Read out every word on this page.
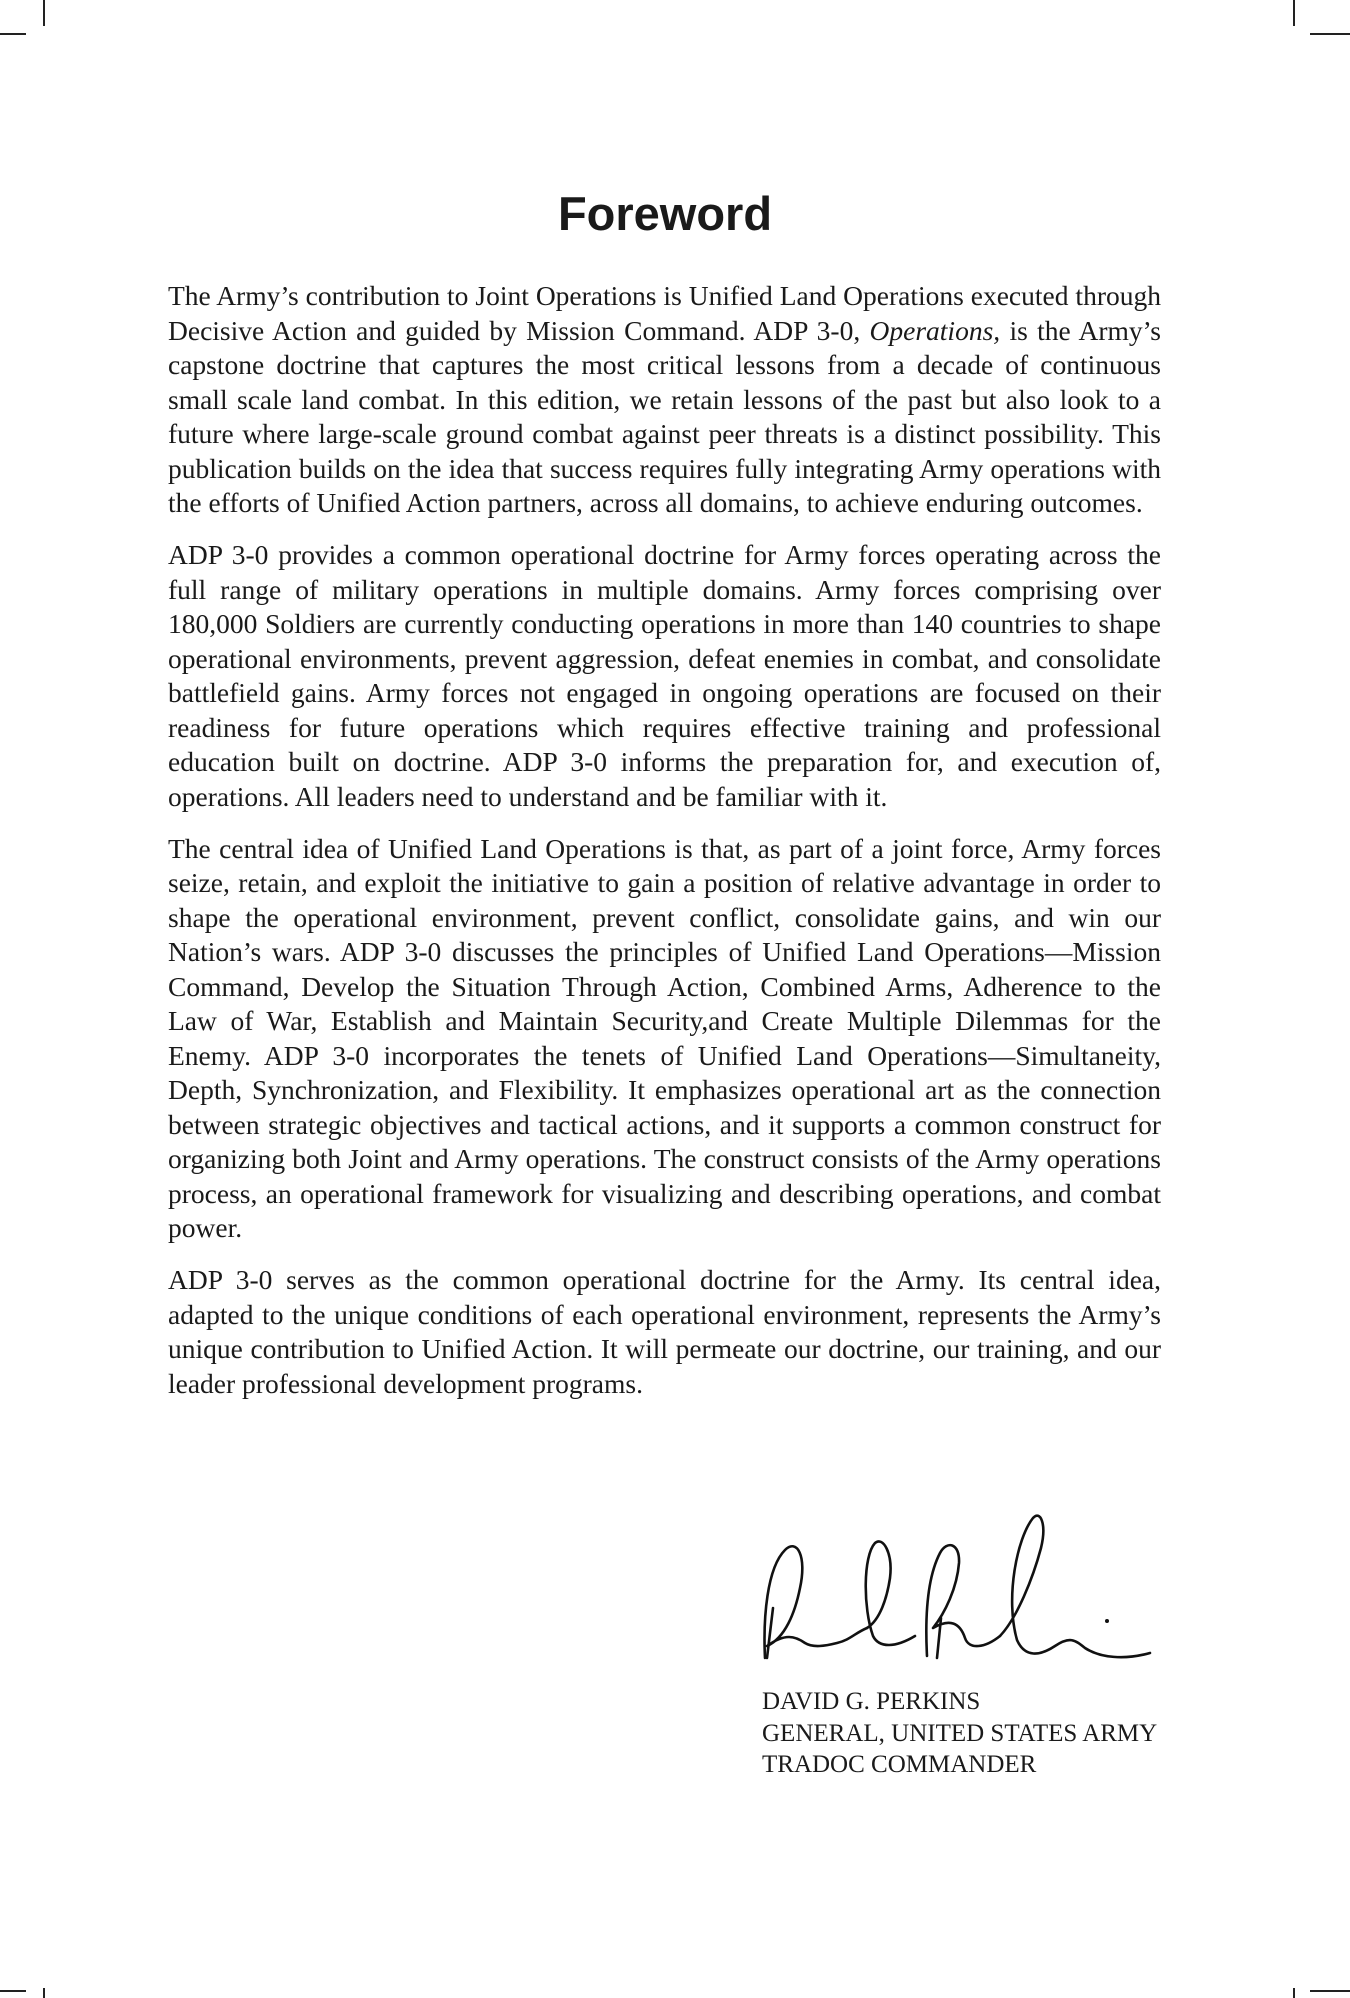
Foreword

The Army’s contribution to Joint Operations is Unified Land Operations executed through Decisive Action and guided by Mission Command. ADP 3-0, Operations, is the Army’s capstone doctrine that captures the most critical lessons from a decade of continuous small scale land combat. In this edition, we retain lessons of the past but also look to a future where large-scale ground combat against peer threats is a distinct possibility. This publication builds on the idea that success requires fully integrating Army operations with the efforts of Unified Action partners, across all domains, to achieve enduring outcomes.

ADP 3-0 provides a common operational doctrine for Army forces operating across the full range of military operations in multiple domains. Army forces comprising over 180,000 Soldiers are currently conducting operations in more than 140 countries to shape operational environments, prevent aggression, defeat enemies in combat, and consolidate battlefield gains. Army forces not engaged in ongoing operations are focused on their readiness for future operations which requires effective training and professional education built on doctrine. ADP 3-0 informs the preparation for, and execution of, operations. All leaders need to understand and be familiar with it.

The central idea of Unified Land Operations is that, as part of a joint force, Army forces seize, retain, and exploit the initiative to gain a position of relative advantage in order to shape the operational environment, prevent conflict, consolidate gains, and win our Nation’s wars. ADP 3-0 discusses the principles of Unified Land Operations—Mission Command, Develop the Situation Through Action, Combined Arms, Adherence to the Law of War, Establish and Maintain Security,and Create Multiple Dilemmas for the Enemy. ADP 3-0 incorporates the tenets of Unified Land Operations—Simultaneity, Depth, Synchronization, and Flexibility. It emphasizes operational art as the connection between strategic objectives and tactical actions, and it supports a common construct for organizing both Joint and Army operations. The construct consists of the Army operations process, an operational framework for visualizing and describing operations, and combat power.

ADP 3-0 serves as the common operational doctrine for the Army. Its central idea, adapted to the unique conditions of each operational environment, represents the Army’s unique contribution to Unified Action. It will permeate our doctrine, our training, and our leader professional development programs.

DAVID G. PERKINS
GENERAL, UNITED STATES ARMY
TRADOC COMMANDER
